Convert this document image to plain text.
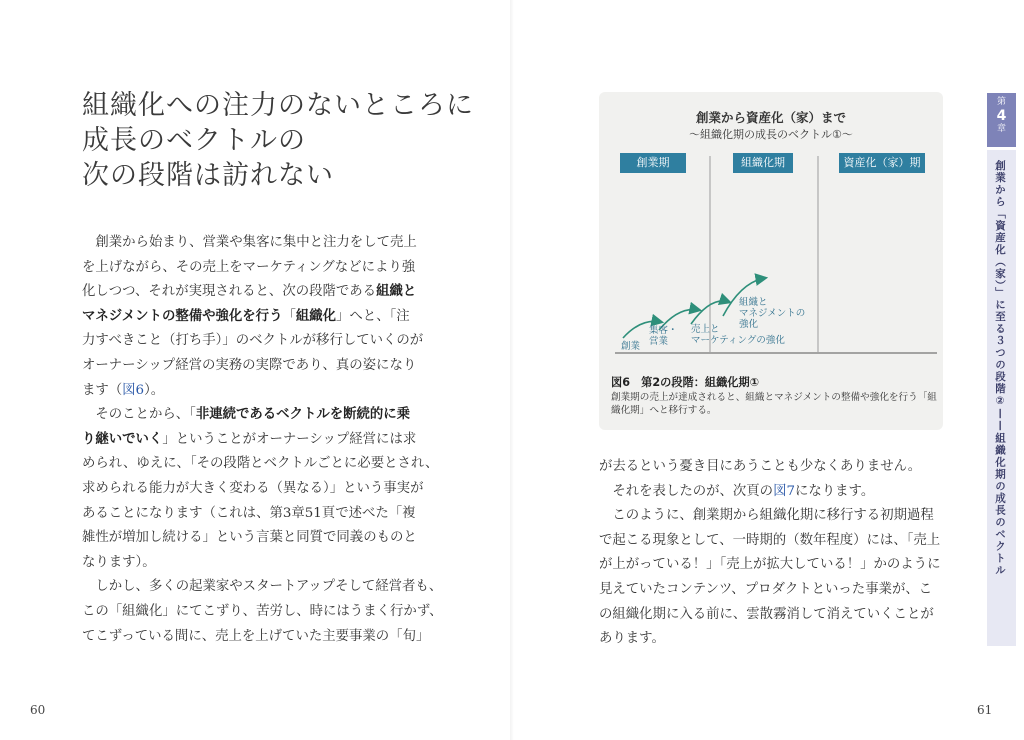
組織化への注力のないところに
成長のベクトルの
次の段階は訪れない
　創業から始まり、営業や集客に集中と注力をして売上
を上げながら、その売上をマーケティングなどにより強
化しつつ、それが実現されると、次の段階である組織と
マネジメントの整備や強化を行う「組織化」へと、「注
力すべきこと（打ち手）」のベクトルが移行していくのが
オーナーシップ経営の実務の実際であり、真の姿になり
ます（図6）。
　そのことから、「非連続であるベクトルを断続的に乗
り継いでいく」ということがオーナーシップ経営には求
められ、ゆえに、「その段階とベクトルごとに必要とされ、
求められる能力が大きく変わる（異なる）」という事実が
あることになります（これは、第3章51頁で述べた「複
雑性が増加し続ける」という言葉と同質で同義のものと
なります）。
　しかし、多くの起業家やスタートアップそして経営者も、
この「組織化」にてこずり、苦労し、時にはうまく行かず、
てこずっている間に、売上を上げていた主要事業の「旬」
60
創業から資産化（家）まで
～組織化期の成長のベクトル①～
創業期	組織化期	資産化（家）期
創業
集客・
営業
売上と
マーケティングの強化
組織と
マネジメントの
強化
図6　第2の段階：組織化期①
創業期の売上が達成されると、組織とマネジメントの整備や強化を行う「組織化期」へと移行する。
が去るという憂き目にあうことも少なくありません。
　それを表したのが、次頁の図7になります。
　このように、創業期から組織化期に移行する初期過程
で起こる現象として、一時期的（数年程度）には、「売上
が上がっている！」「売上が拡大している！」かのように
見えていたコンテンツ、プロダクトといった事業が、こ
の組織化期に入る前に、雲散霧消して消えていくことが
あります。
61
第
4
章
創業から「資産化（家）」に至る３つの段階②——組織化期の成長のベクトル
